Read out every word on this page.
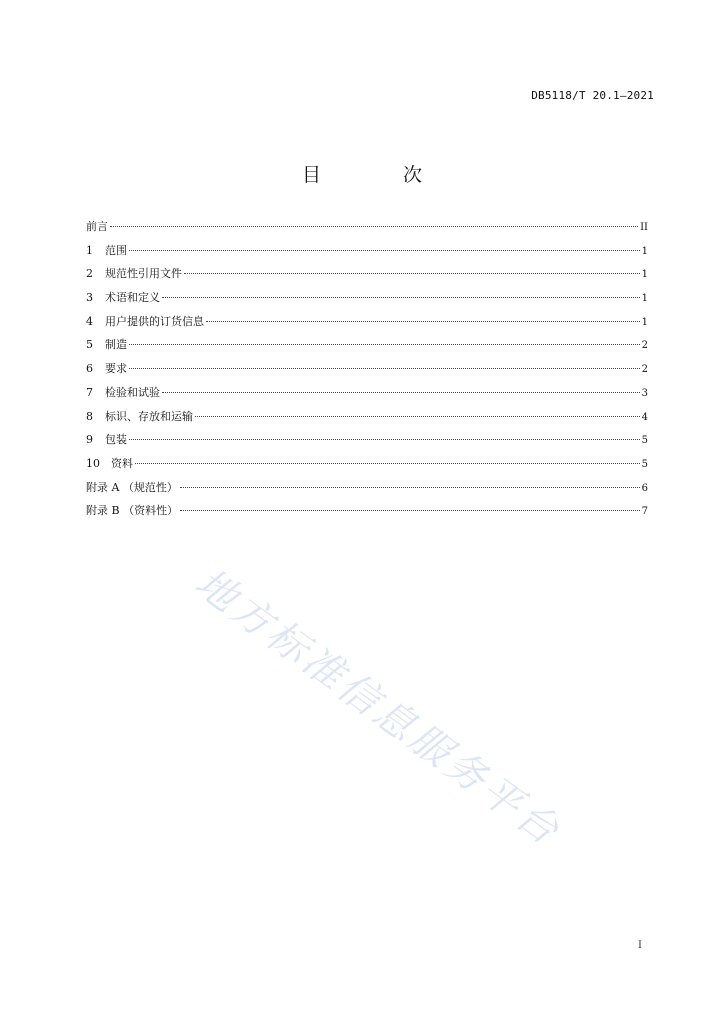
DB5118/T 20.1—2021
目 次
前言	II
1	范围	1
2	规范性引用文件	1
3	术语和定义	1
4	用户提供的订货信息	1
5	制造	2
6	要求	2
7	检验和试验	3
8	标识、存放和运输	4
9	包装	5
10	资料	5
附录 A （规范性）	6
附录 B （资料性）	7
地方标准信息服务平台
I
